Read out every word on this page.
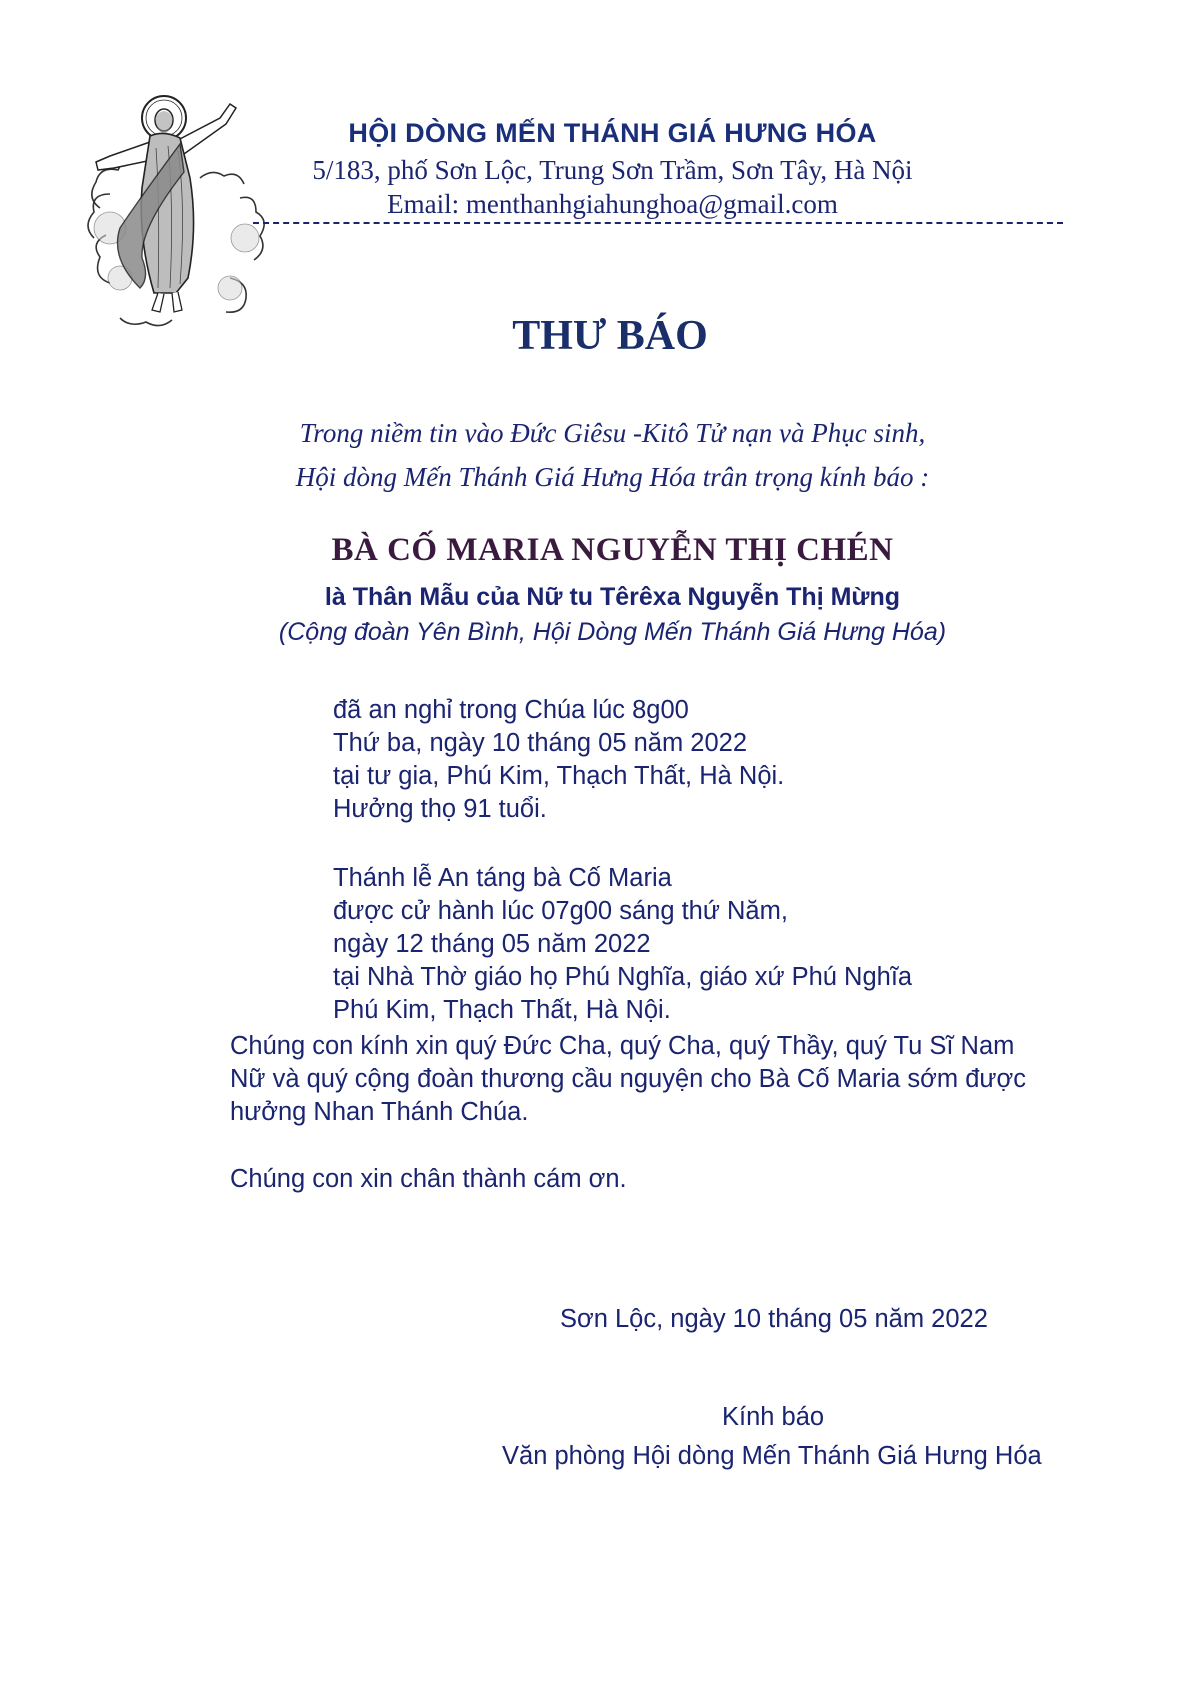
HỘI DÒNG MẾN THÁNH GIÁ HƯNG HÓA
5/183, phố Sơn Lộc, Trung Sơn Trầm, Sơn Tây, Hà Nội
Email: menthanhgiahunghoa@gmail.com
THƯ BÁO
Trong niềm tin vào Đức Giêsu -Kitô Tử nạn và Phục sinh,
Hội dòng Mến Thánh Giá Hưng Hóa trân trọng kính báo :
BÀ CỐ MARIA NGUYỄN THỊ CHÉN
là Thân Mẫu của Nữ tu Têrêxa Nguyễn Thị Mừng
(Cộng đoàn Yên Bình, Hội Dòng Mến Thánh Giá Hưng Hóa)
đã an nghỉ trong Chúa lúc 8g00
Thứ ba, ngày 10 tháng 05 năm 2022
tại tư gia, Phú Kim, Thạch Thất, Hà Nội.
Hưởng thọ 91 tuổi.
Thánh lễ An táng bà Cố Maria
được cử hành lúc 07g00 sáng thứ Năm,
ngày 12 tháng 05 năm 2022
tại Nhà Thờ giáo họ Phú Nghĩa, giáo xứ Phú Nghĩa
Phú Kim, Thạch Thất, Hà Nội.
Chúng con kính xin quý Đức Cha, quý Cha, quý Thầy, quý Tu Sĩ Nam
Nữ và quý cộng đoàn thương cầu nguyện cho Bà Cố Maria sớm được
hưởng Nhan Thánh Chúa.
Chúng con xin chân thành cám ơn.
Sơn Lộc, ngày 10 tháng 05 năm 2022
Kính báo
Văn phòng Hội dòng Mến Thánh Giá Hưng Hóa
